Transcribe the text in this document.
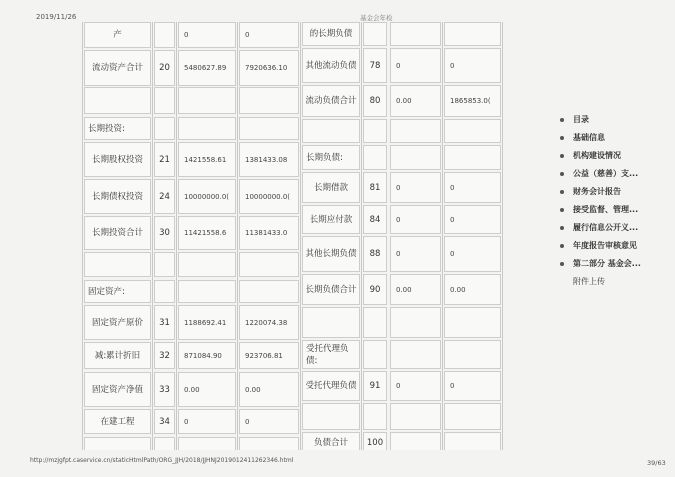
2019/11/26	基金会年检
产	0	0
流动资产合计	20	5480627.89	7920636.10
长期投资:
长期股权投资	21	1421558.61	1381433.08
长期债权投资	24	10000000.0(	10000000.0(
长期投资合计	30	11421558.6	11381433.0
固定资产:
固定资产原价	31	1188692.41	1220074.38
减:累计折旧	32	871084.90	923706.81
固定资产净值	33	0.00	0.00
在建工程	34	0	0
的长期负债
其他流动负债	78	0	0
流动负债合计	80	0.00	1865853.0(
长期负债:
长期借款	81	0	0
长期应付款	84	0	0
其他长期负债	88	0	0
长期负债合计	90	0.00	0.00
受托代理负债:
受托代理负债	91	0	0
负债合计	100
目录
基础信息
机构建设情况
公益（慈善）支...
财务会计报告
接受监督、管理...
履行信息公开义...
年度报告审核意见
第二部分 基金会...
附件上传
http://mzjgfpt.caservice.cn/staticHtmlPath/ORG_JJH/2018/JJHNJ2019012411262346.html	39/63
